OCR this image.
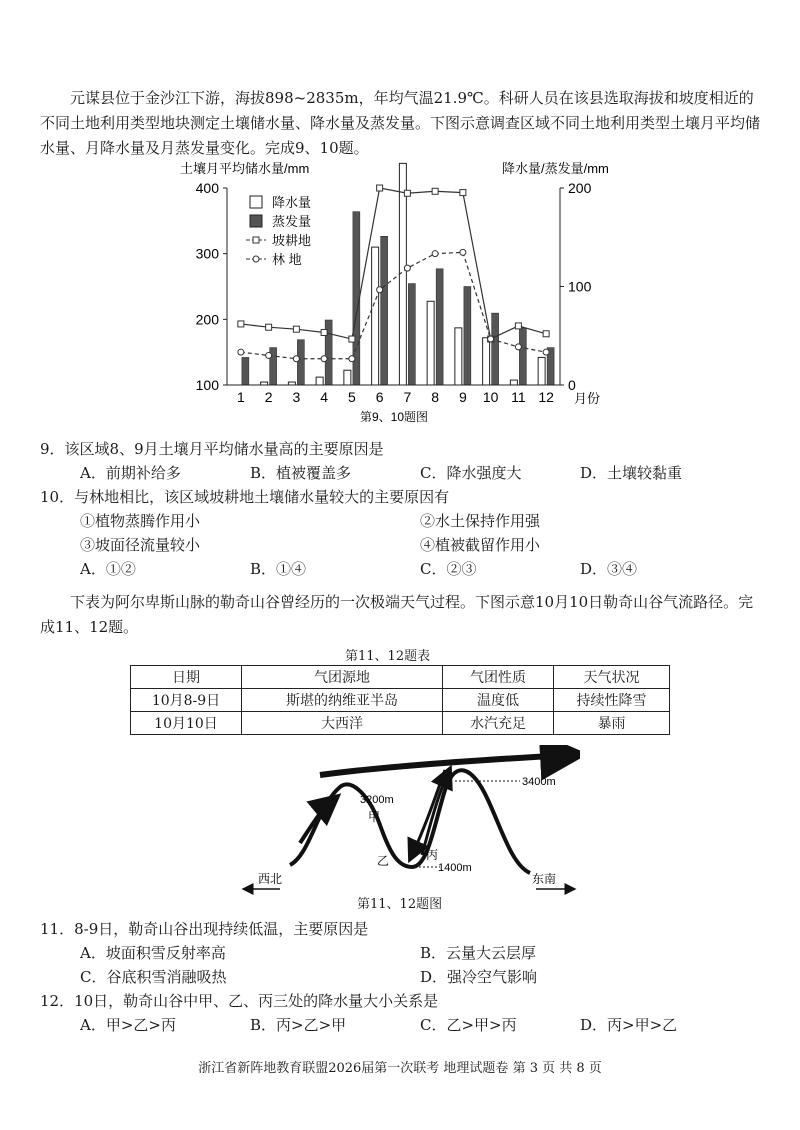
元谋县位于金沙江下游，海拔898~2835m，年均气温21.9℃。科研人员在该县选取海拔和坡度相近的不同土地利用类型地块测定土壤储水量、降水量及蒸发量。下图示意调查区域不同土地利用类型土壤月平均储水量、月降水量及月蒸发量变化。完成9、10题。
土壤月平均储水量/mm	降水量/蒸发量/mm
100
200
300
400
0
100
200
1 2 3 4 5 6 7 8 9 10 11 12
降水量
蒸发量
坡耕地
林 地
月份
第9、10题图
9．该区域8、9月土壤月平均储水量高的主要原因是
A．前期补给多	B．植被覆盖多	C．降水强度大	D．土壤较黏重
10．与林地相比，该区域坡耕地土壤储水量较大的主要原因有
①植物蒸腾作用小	②水土保持作用强
③坡面径流量较小	④植被截留作用小
A．①②	B．①④	C．②③	D．③④
下表为阿尔卑斯山脉的勒奇山谷曾经历的一次极端天气过程。下图示意10月10日勒奇山谷气流路径。完成11、12题。
第11、12题表
日期	气团源地	气团性质	天气状况
10月8-9日	斯堪的纳维亚半岛	温度低	持续性降雪
10月10日	大西洋	水汽充足	暴雨
3400m
3200m
1400m
甲
乙	丙
西北	东南
第11、12题图
11．8-9日，勒奇山谷出现持续低温，主要原因是
A．坡面积雪反射率高	B．云量大云层厚
C．谷底积雪消融吸热	D．强冷空气影响
12．10日，勒奇山谷中甲、乙、丙三处的降水量大小关系是
A．甲>乙>丙	B．丙>乙>甲	C．乙>甲>丙	D．丙>甲>乙
浙江省新阵地教育联盟2026届第一次联考 地理试题卷 第 3 页 共 8 页
